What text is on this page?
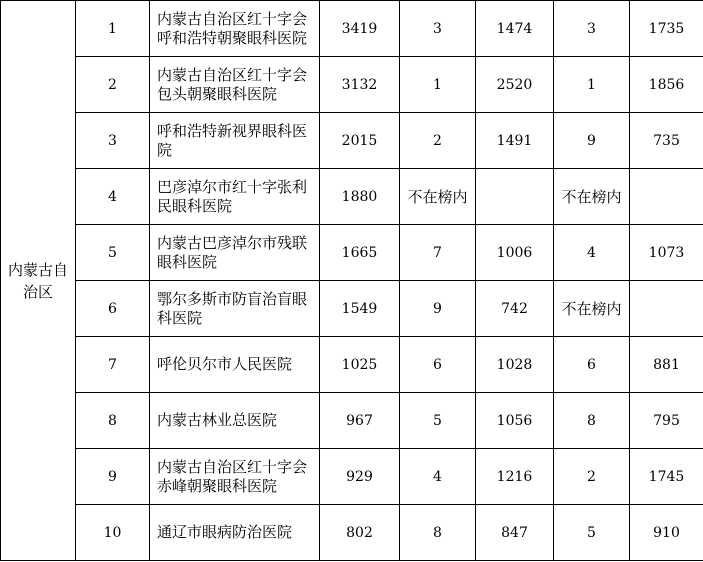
内蒙古自治区	1	内蒙古自治区红十字会呼和浩特朝聚眼科医院	3419	3	1474	3	1735
	2	内蒙古自治区红十字会包头朝聚眼科医院	3132	1	2520	1	1856
	3	呼和浩特新视界眼科医院	2015	2	1491	9	735
	4	巴彦淖尔市红十字张利民眼科医院	1880	不在榜内		不在榜内	
	5	内蒙古巴彦淖尔市残联眼科医院	1665	7	1006	4	1073
	6	鄂尔多斯市防盲治盲眼科医院	1549	9	742	不在榜内	
	7	呼伦贝尔市人民医院	1025	6	1028	6	881
	8	内蒙古林业总医院	967	5	1056	8	795
	9	内蒙古自治区红十字会赤峰朝聚眼科医院	929	4	1216	2	1745
	10	通辽市眼病防治医院	802	8	847	5	910
